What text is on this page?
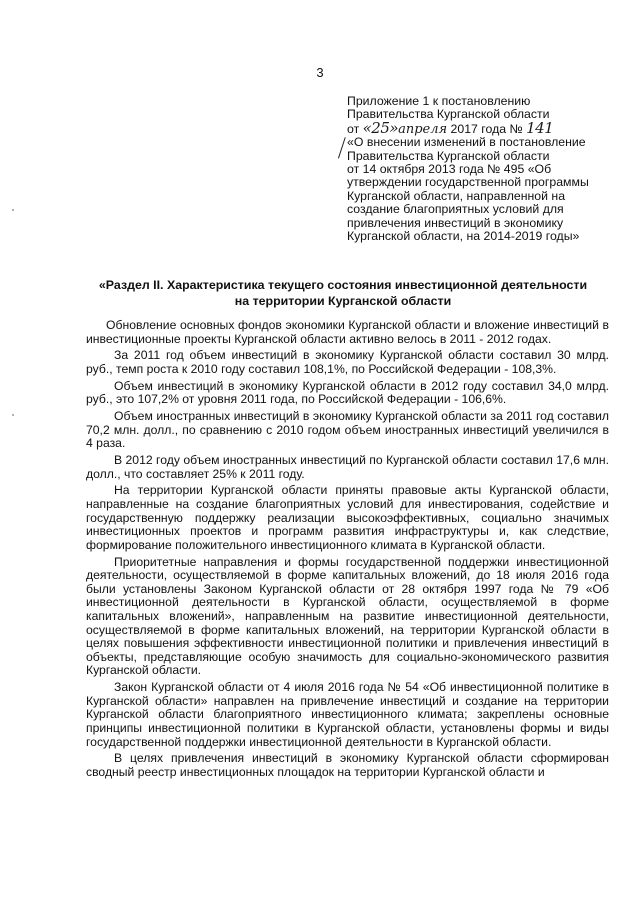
3
Приложение 1 к постановлению
Правительства Курганской области
от «25»апреля 2017 года № 141
«О внесении изменений в постановление
Правительства Курганской области
от 14 октября 2013 года № 495 «Об
утверждении государственной программы
Курганской области, направленной на
создание благоприятных условий для
привлечения инвестиций в экономику
Курганской области, на 2014-2019 годы»
«Раздел II. Характеристика текущего состояния инвестиционной деятельности
на территории Курганской области

Обновление основных фондов экономики Курганской области и вложение инвестиций в инвестиционные проекты Курганской области активно велось в 2011 - 2012 годах.

За 2011 год объем инвестиций в экономику Курганской области составил 30 млрд. руб., темп роста к 2010 году составил 108,1%, по Российской Федерации - 108,3%.

Объем инвестиций в экономику Курганской области в 2012 году составил 34,0 млрд. руб., это 107,2% от уровня 2011 года, по Российской Федерации - 106,6%.

Объем иностранных инвестиций в экономику Курганской области за 2011 год составил 70,2 млн. долл., по сравнению с 2010 годом объем иностранных инвестиций увеличился в 4 раза.

В 2012 году объем иностранных инвестиций по Курганской области составил 17,6 млн. долл., что составляет 25% к 2011 году.

На территории Курганской области приняты правовые акты Курганской области, направленные на создание благоприятных условий для инвестирования, содействие и государственную поддержку реализации высокоэффективных, социально значимых инвестиционных проектов и программ развития инфраструктуры и, как следствие, формирование положительного инвестиционного климата в Курганской области.

Приоритетные направления и формы государственной поддержки инвестиционной деятельности, осуществляемой в форме капитальных вложений, до 18 июля 2016 года были установлены Законом Курганской области от 28 октября 1997 года № 79 «Об инвестиционной деятельности в Курганской области, осуществляемой в форме капитальных вложений», направленным на развитие инвестиционной деятельности, осуществляемой в форме капитальных вложений, на территории Курганской области в целях повышения эффективности инвестиционной политики и привлечения инвестиций в объекты, представляющие особую значимость для социально-экономического развития Курганской области.

Закон Курганской области от 4 июля 2016 года № 54 «Об инвестиционной политике в Курганской области» направлен на привлечение инвестиций и создание на территории Курганской области благоприятного инвестиционного климата; закреплены основные принципы инвестиционной политики в Курганской области, установлены формы и виды государственной поддержки инвестиционной деятельности в Курганской области.

В целях привлечения инвестиций в экономику Курганской области сформирован сводный реестр инвестиционных площадок на территории Курганской области и
